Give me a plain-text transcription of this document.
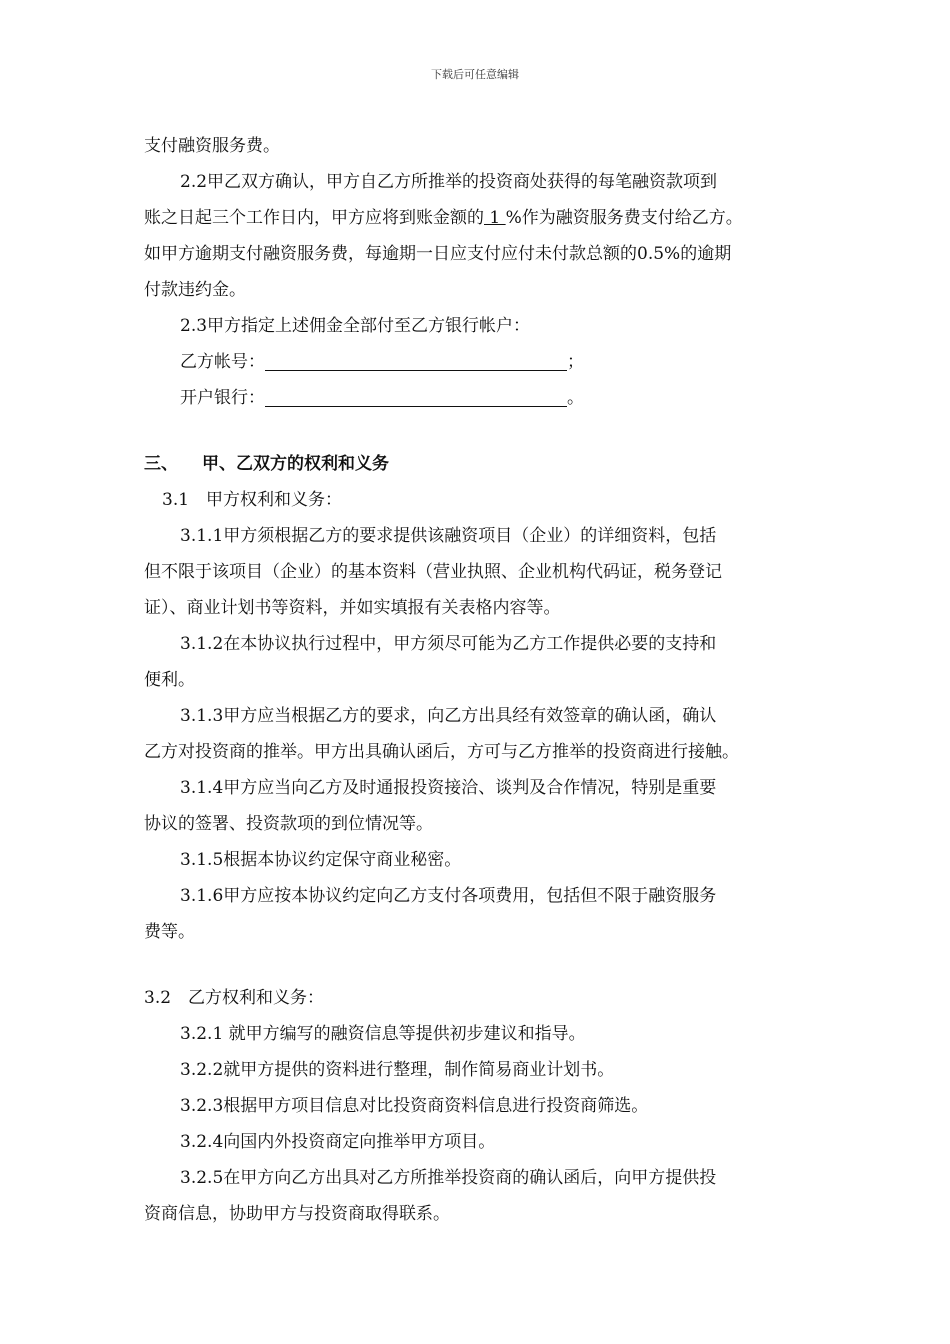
下载后可任意编辑
支付融资服务费。
2.2甲乙双方确认，甲方自乙方所推举的投资商处获得的每笔融资款项到
账之日起三个工作日内，甲方应将到账金额的 1 %作为融资服务费支付给乙方。
如甲方逾期支付融资服务费，每逾期一日应支付应付未付款总额的0.5%的逾期
付款违约金。
2.3甲方指定上述佣金全部付至乙方银行帐户：
乙方帐号：	；
开户银行：	。
三、 甲、乙双方的权利和义务
3.1　甲方权利和义务：
3.1.1甲方须根据乙方的要求提供该融资项目（企业）的详细资料，包括
但不限于该项目（企业）的基本资料（营业执照、企业机构代码证，税务登记
证）、商业计划书等资料，并如实填报有关表格内容等。
3.1.2在本协议执行过程中，甲方须尽可能为乙方工作提供必要的支持和
便利。
3.1.3甲方应当根据乙方的要求，向乙方出具经有效签章的确认函，确认
乙方对投资商的推举。甲方出具确认函后，方可与乙方推举的投资商进行接触。
3.1.4甲方应当向乙方及时通报投资接洽、谈判及合作情况，特别是重要
协议的签署、投资款项的到位情况等。
3.1.5根据本协议约定保守商业秘密。
3.1.6甲方应按本协议约定向乙方支付各项费用，包括但不限于融资服务
费等。
3.2　乙方权利和义务：
3.2.1 就甲方编写的融资信息等提供初步建议和指导。
3.2.2就甲方提供的资料进行整理，制作简易商业计划书。
3.2.3根据甲方项目信息对比投资商资料信息进行投资商筛选。
3.2.4向国内外投资商定向推举甲方项目。
3.2.5在甲方向乙方出具对乙方所推举投资商的确认函后，向甲方提供投
资商信息，协助甲方与投资商取得联系。
